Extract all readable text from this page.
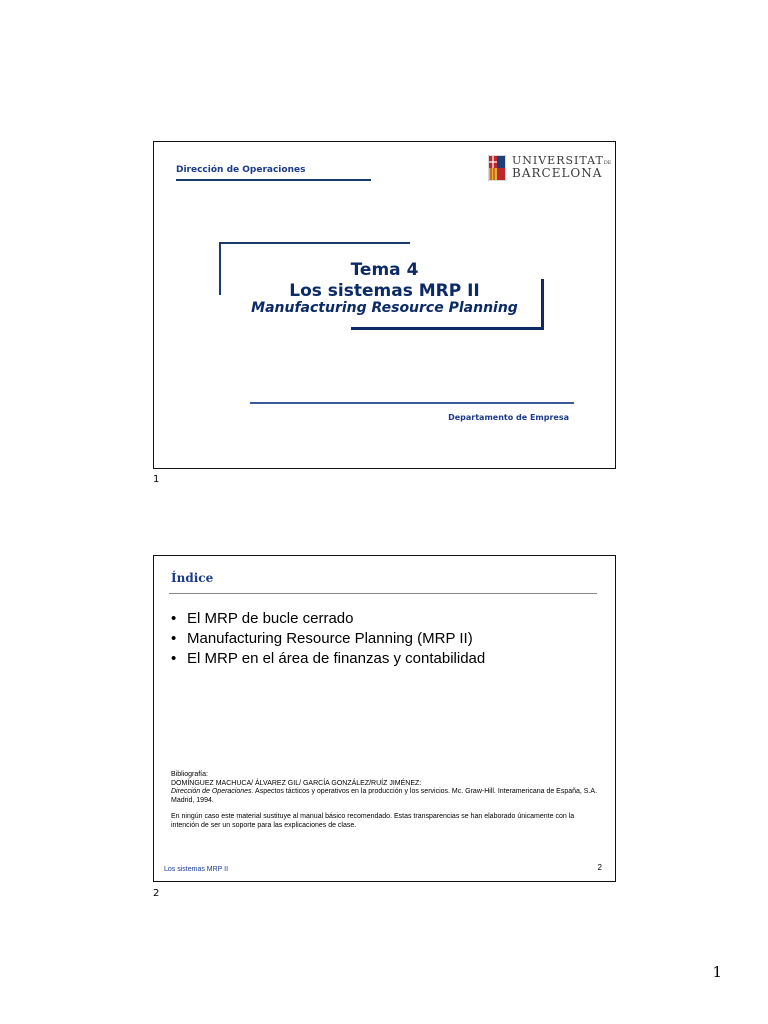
Dirección de Operaciones
UNIVERSITATDE
BARCELONA
Tema 4
Los sistemas MRP II
Manufacturing Resource Planning
Departamento de Empresa
1
Índice
• El MRP de bucle cerrado
• Manufacturing Resource Planning (MRP II)
• El MRP en el área de finanzas y contabilidad

Bibliografía:

DOMÍNGUEZ MACHUCA/ ÁLVAREZ GIL/ GARCÍA GONZÁLEZ/RUÍZ JIMÉNEZ:

Dirección de Operaciones. Aspectos tácticos y operativos en la producción y los servicios. Mc. Graw-Hill. Interamericana de España, S.A. Madrid, 1994.

En ningún caso este material sustituye al manual básico recomendado. Estas transparencias se han elaborado únicamente con la intención de ser un soporte para las explicaciones de clase.

Los sistemas MRP II	2
2
1
